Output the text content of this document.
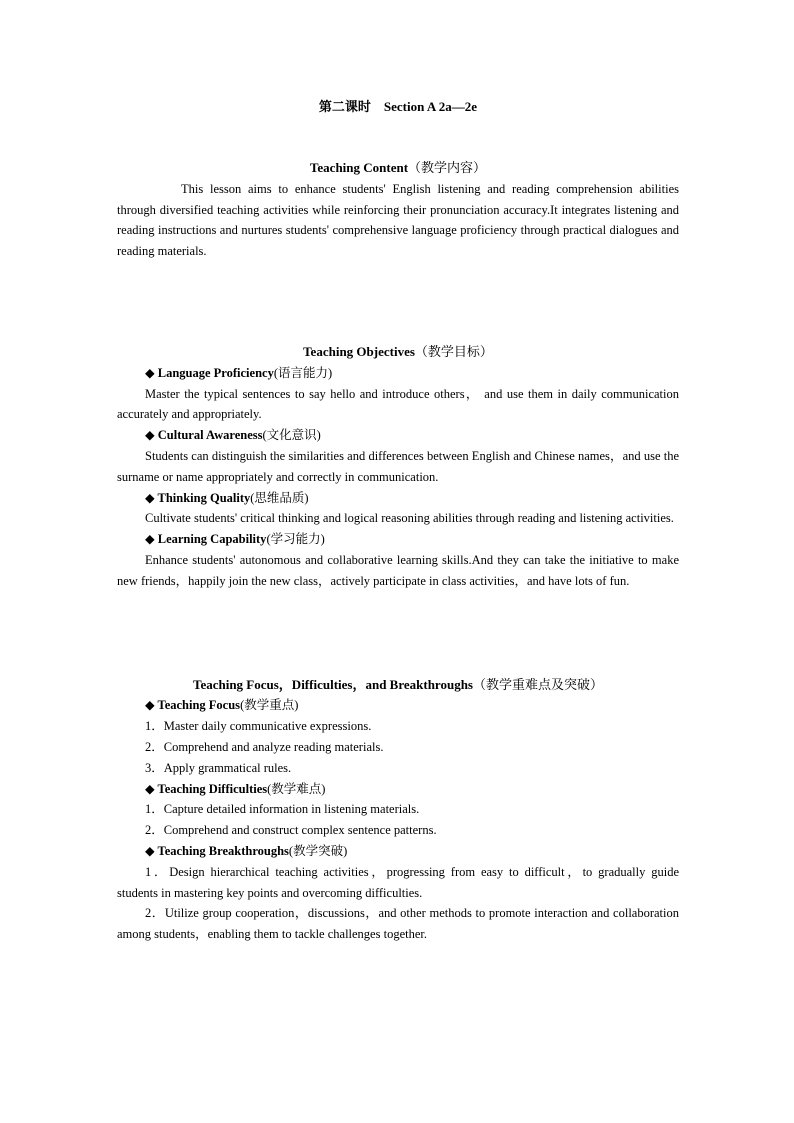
第二课时    Section A 2a—2e
Teaching Content（教学内容）

This lesson aims to enhance students' English listening and reading comprehension abilities through diversified teaching activities while reinforcing their pronunciation accuracy.It integrates listening and reading instructions and nurtures students' comprehensive language proficiency through practical dialogues and reading materials.

Teaching Objectives（教学目标）
◆ Language Proficiency(语言能力)

Master the typical sentences to say hello and introduce others， and use them in daily communication accurately and appropriately.

◆ Cultural Awareness(文化意识)

Students can distinguish the similarities and differences between English and Chinese names，and use the surname or name appropriately and correctly in communication.

◆ Thinking Quality(思维品质)

Cultivate students' critical thinking and logical reasoning abilities through reading and listening activities.

◆ Learning Capability(学习能力)

Enhance students' autonomous and collaborative learning skills.And they can take the initiative to make new friends，happily join the new class，actively participate in class activities，and have lots of fun.

Teaching Focus，Difficulties，and Breakthroughs（教学重难点及突破）
◆ Teaching Focus(教学重点)
1．Master daily communicative expressions.
2．Comprehend and analyze reading materials.
3．Apply grammatical rules.
◆ Teaching Difficulties(教学难点)
1．Capture detailed information in listening materials.
2．Comprehend and construct complex sentence patterns.
◆ Teaching Breakthroughs(教学突破)

1．Design hierarchical teaching activities，progressing from easy to difficult，to gradually guide students in mastering key points and overcoming difficulties.

2．Utilize group cooperation，discussions，and other methods to promote interaction and collaboration among students，enabling them to tackle challenges together.
